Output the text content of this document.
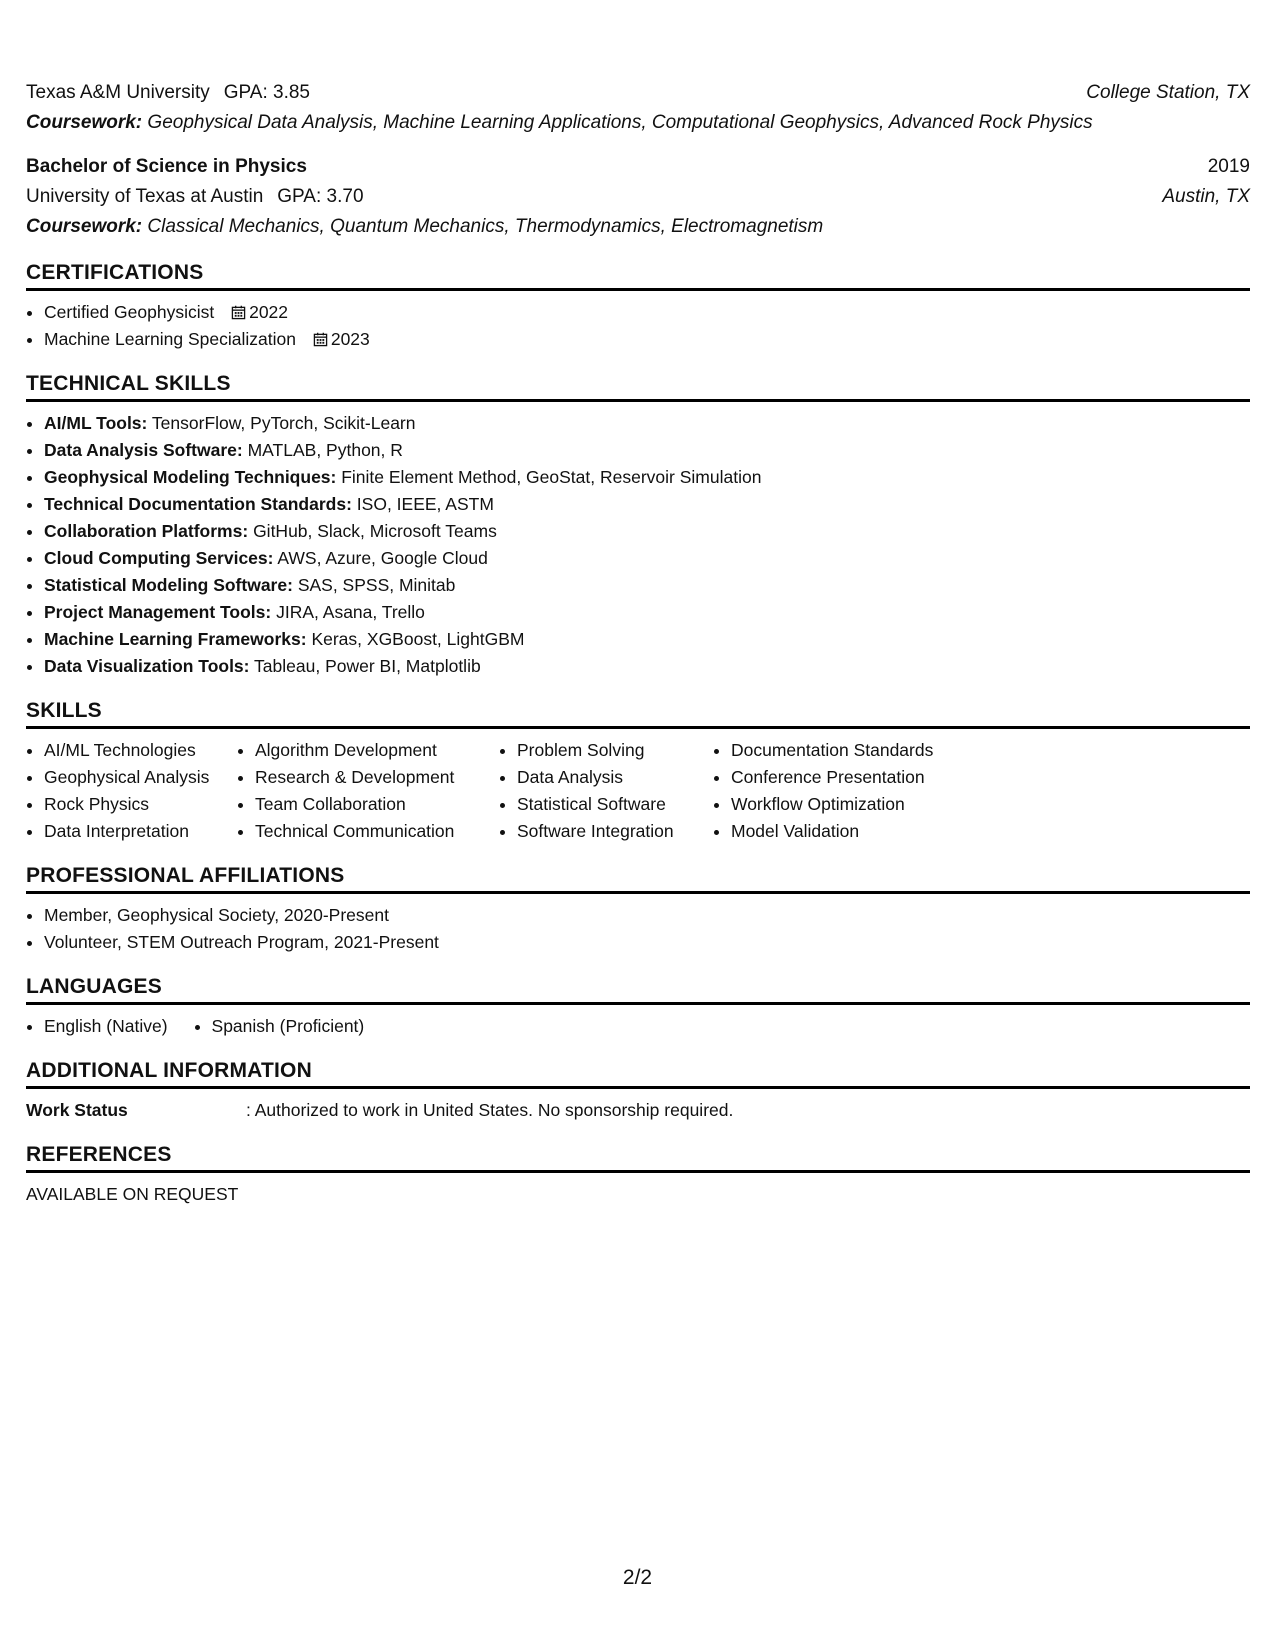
Texas A&M University GPA: 3.85	College Station, TX
Coursework: Geophysical Data Analysis, Machine Learning Applications, Computational Geophysics, Advanced Rock Physics
Bachelor of Science in Physics	2019
University of Texas at Austin GPA: 3.70	Austin, TX
Coursework: Classical Mechanics, Quantum Mechanics, Thermodynamics, Electromagnetism
CERTIFICATIONS
• Certified Geophysicist 2022
• Machine Learning Specialization 2023
TECHNICAL SKILLS
• AI/ML Tools: TensorFlow, PyTorch, Scikit-Learn
• Data Analysis Software: MATLAB, Python, R
• Geophysical Modeling Techniques: Finite Element Method, GeoStat, Reservoir Simulation
• Technical Documentation Standards: ISO, IEEE, ASTM
• Collaboration Platforms: GitHub, Slack, Microsoft Teams
• Cloud Computing Services: AWS, Azure, Google Cloud
• Statistical Modeling Software: SAS, SPSS, Minitab
• Project Management Tools: JIRA, Asana, Trello
• Machine Learning Frameworks: Keras, XGBoost, LightGBM
• Data Visualization Tools: Tableau, Power BI, Matplotlib
SKILLS
• AI/ML Technologies
• Geophysical Analysis
• Rock Physics
• Data Interpretation
• Algorithm Development
• Research & Development
• Team Collaboration
• Technical Communication
• Problem Solving
• Data Analysis
• Statistical Software
• Software Integration
• Documentation Standards
• Conference Presentation
• Workflow Optimization
• Model Validation
PROFESSIONAL AFFILIATIONS
• Member, Geophysical Society, 2020-Present
• Volunteer, STEM Outreach Program, 2021-Present
LANGUAGES
• English (Native)
•	Spanish (Proficient)
ADDITIONAL INFORMATION
Work Status	: Authorized to work in United States. No sponsorship required.
REFERENCES
AVAILABLE ON REQUEST
2/2
